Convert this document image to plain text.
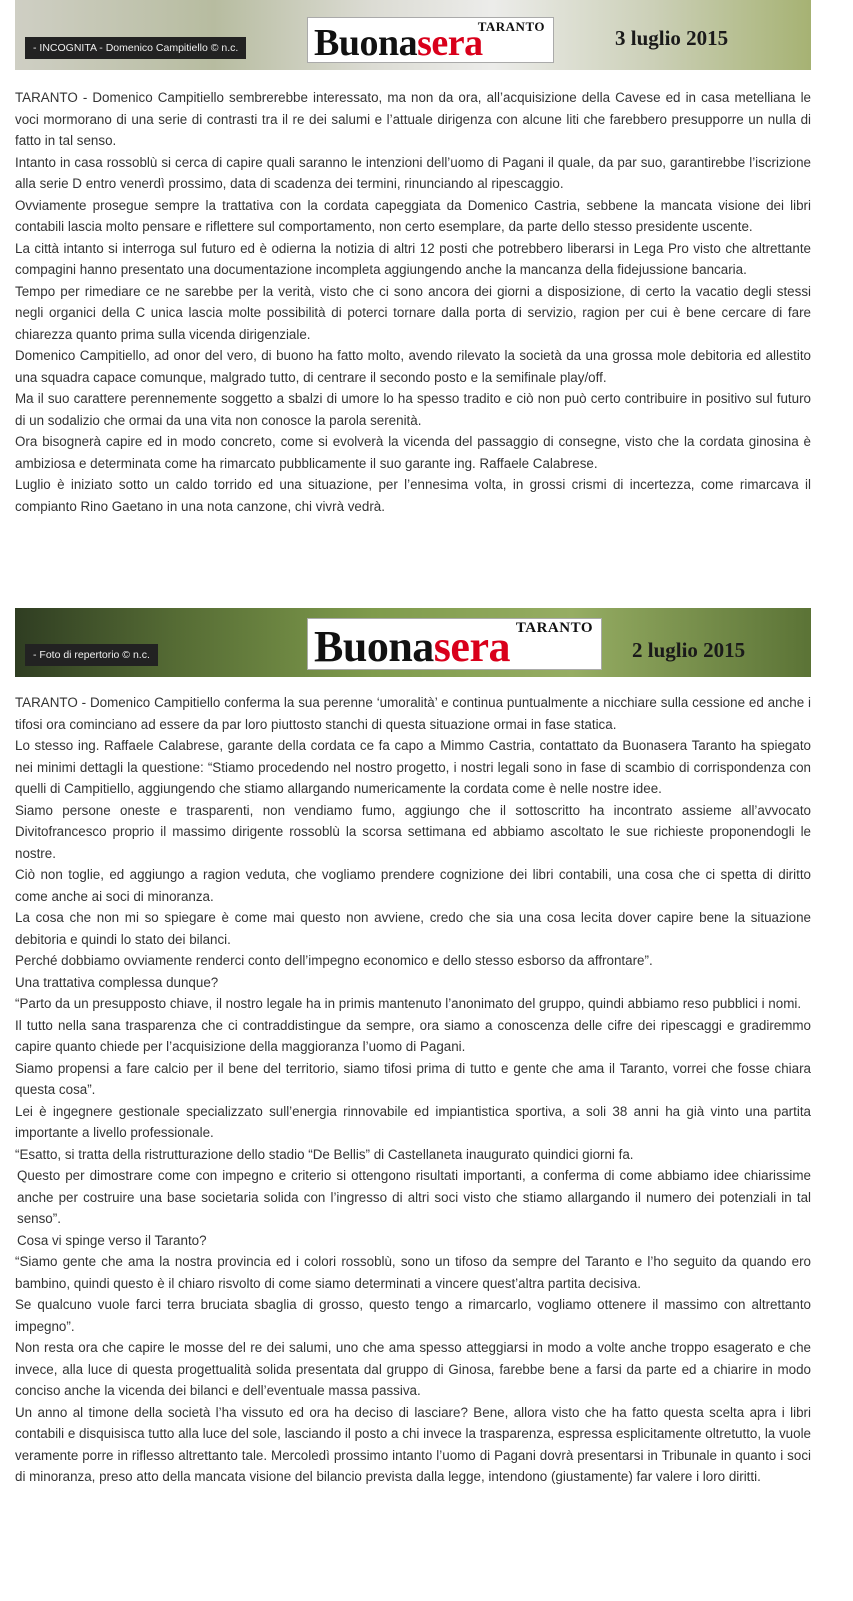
- INCOGNITA - Domenico Campitiello © n.c.
TARANTO
Buonasera	3 luglio 2015

TARANTO - Domenico Campitiello sembrerebbe interessato, ma non da ora, all’acquisizione della Cavese ed in casa metelliana le voci mormorano di una serie di contrasti tra il re dei salumi e l’attuale dirigenza con alcune liti che farebbero presupporre un nulla di fatto in tal senso.

Intanto in casa rossoblù si cerca di capire quali saranno le intenzioni dell’uomo di Pagani il quale, da par suo, garantirebbe l’iscrizione alla serie D entro venerdì prossimo, data di scadenza dei termini, rinunciando al ripescaggio.

Ovviamente prosegue sempre la trattativa con la cordata capeggiata da Domenico Castria, sebbene la mancata visione dei libri contabili lascia molto pensare e riflettere sul comportamento, non certo esemplare, da parte dello stesso presidente uscente.

La città intanto si interroga sul futuro ed è odierna la notizia di altri 12 posti che potrebbero liberarsi in Lega Pro visto che altrettante compagini hanno presentato una documentazione incompleta aggiungendo anche la mancanza della fidejussione bancaria.

Tempo per rimediare ce ne sarebbe per la verità, visto che ci sono ancora dei giorni a disposizione, di certo la vacatio degli stessi negli organici della C unica lascia molte possibilità di poterci tornare dalla porta di servizio, ragion per cui è bene cercare di fare chiarezza quanto prima sulla vicenda dirigenziale.

Domenico Campitiello, ad onor del vero, di buono ha fatto molto, avendo rilevato la società da una grossa mole debitoria ed allestito una squadra capace comunque, malgrado tutto, di centrare il secondo posto e la semifinale play/off.

Ma il suo carattere perennemente soggetto a sbalzi di umore lo ha spesso tradito e ciò non può certo contribuire in positivo sul futuro di un sodalizio che ormai da una vita non conosce la parola serenità.

Ora bisognerà capire ed in modo concreto, come si evolverà la vicenda del passaggio di consegne, visto che la cordata ginosina è ambiziosa e determinata come ha rimarcato pubblicamente il suo garante ing. Raffaele Calabrese.

Luglio è iniziato sotto un caldo torrido ed una situazione, per l’ennesima volta, in grossi crismi di incertezza, come rimarcava il compianto Rino Gaetano in una nota canzone, chi vivrà vedrà.

- Foto di repertorio © n.c.
TARANTO
Buonasera	2 luglio 2015

TARANTO - Domenico Campitiello conferma la sua perenne ‘umoralità’ e continua puntualmente a nicchiare sulla cessione ed anche i tifosi ora cominciano ad essere da par loro piuttosto stanchi di questa situazione ormai in fase statica.

Lo stesso ing. Raffaele Calabrese, garante della cordata ce fa capo a Mimmo Castria, contattato da Buonasera Taranto ha spiegato nei minimi dettagli la questione: “Stiamo procedendo nel nostro progetto, i nostri legali sono in fase di scambio di corrispondenza con quelli di Campitiello, aggiungendo che stiamo allargando numericamente la cordata come è nelle nostre idee.

Siamo persone oneste e trasparenti, non vendiamo fumo, aggiungo che il sottoscritto ha incontrato assieme all’avvocato Divitofrancesco proprio il massimo dirigente rossoblù la scorsa settimana ed abbiamo ascoltato le sue richieste proponendogli le nostre.

Ciò non toglie, ed aggiungo a ragion veduta, che vogliamo prendere cognizione dei libri contabili, una cosa che ci spetta di diritto come anche ai soci di minoranza.

La cosa che non mi so spiegare è come mai questo non avviene, credo che sia una cosa lecita dover capire bene la situazione debitoria e quindi lo stato dei bilanci.

Perché dobbiamo ovviamente renderci conto dell’impegno economico e dello stesso esborso da affrontare”.

Una trattativa complessa dunque?

“Parto da un presupposto chiave, il nostro legale ha in primis mantenuto l’anonimato del gruppo, quindi abbiamo reso pubblici i nomi.

Il tutto nella sana trasparenza che ci contraddistingue da sempre, ora siamo a conoscenza delle cifre dei ripescaggi e gradiremmo capire quanto chiede per l’acquisizione della maggioranza l’uomo di Pagani.

Siamo propensi a fare calcio per il bene del territorio, siamo tifosi prima di tutto e gente che ama il Taranto, vorrei che fosse chiara questa cosa”.

Lei è ingegnere gestionale specializzato sull’energia rinnovabile ed impiantistica sportiva, a soli 38 anni ha già vinto una partita importante a livello professionale.

“Esatto, si tratta della ristrutturazione dello stadio “De Bellis” di Castellaneta inaugurato quindici giorni fa.

Questo per dimostrare come con impegno e criterio si ottengono risultati importanti, a conferma di come abbiamo idee chiarissime anche per costruire una base societaria solida con l’ingresso di altri soci visto che stiamo allargando il numero dei potenziali in tal senso”.

Cosa vi spinge verso il Taranto?

“Siamo gente che ama la nostra provincia ed i colori rossoblù, sono un tifoso da sempre del Taranto e l’ho seguito da quando ero bambino, quindi questo è il chiaro risvolto di come siamo determinati a vincere quest’altra partita decisiva.

Se qualcuno vuole farci terra bruciata sbaglia di grosso, questo tengo a rimarcarlo, vogliamo ottenere il massimo con altrettanto impegno”.

Non resta ora che capire le mosse del re dei salumi, uno che ama spesso atteggiarsi in modo a volte anche troppo esagerato e che invece, alla luce di questa progettualità solida presentata dal gruppo di Ginosa, farebbe bene a farsi da parte ed a chiarire in modo conciso anche la vicenda dei bilanci e dell’eventuale massa passiva.

Un anno al timone della società l’ha vissuto ed ora ha deciso di lasciare? Bene, allora visto che ha fatto questa scelta apra i libri contabili e disquisisca tutto alla luce del sole, lasciando il posto a chi invece la trasparenza, espressa esplicitamente oltretutto, la vuole veramente porre in riflesso altrettanto tale. Mercoledì prossimo intanto l’uomo di Pagani dovrà presentarsi in Tribunale in quanto i soci di minoranza, preso atto della mancata visione del bilancio prevista dalla legge, intendono (giustamente) far valere i loro diritti.
